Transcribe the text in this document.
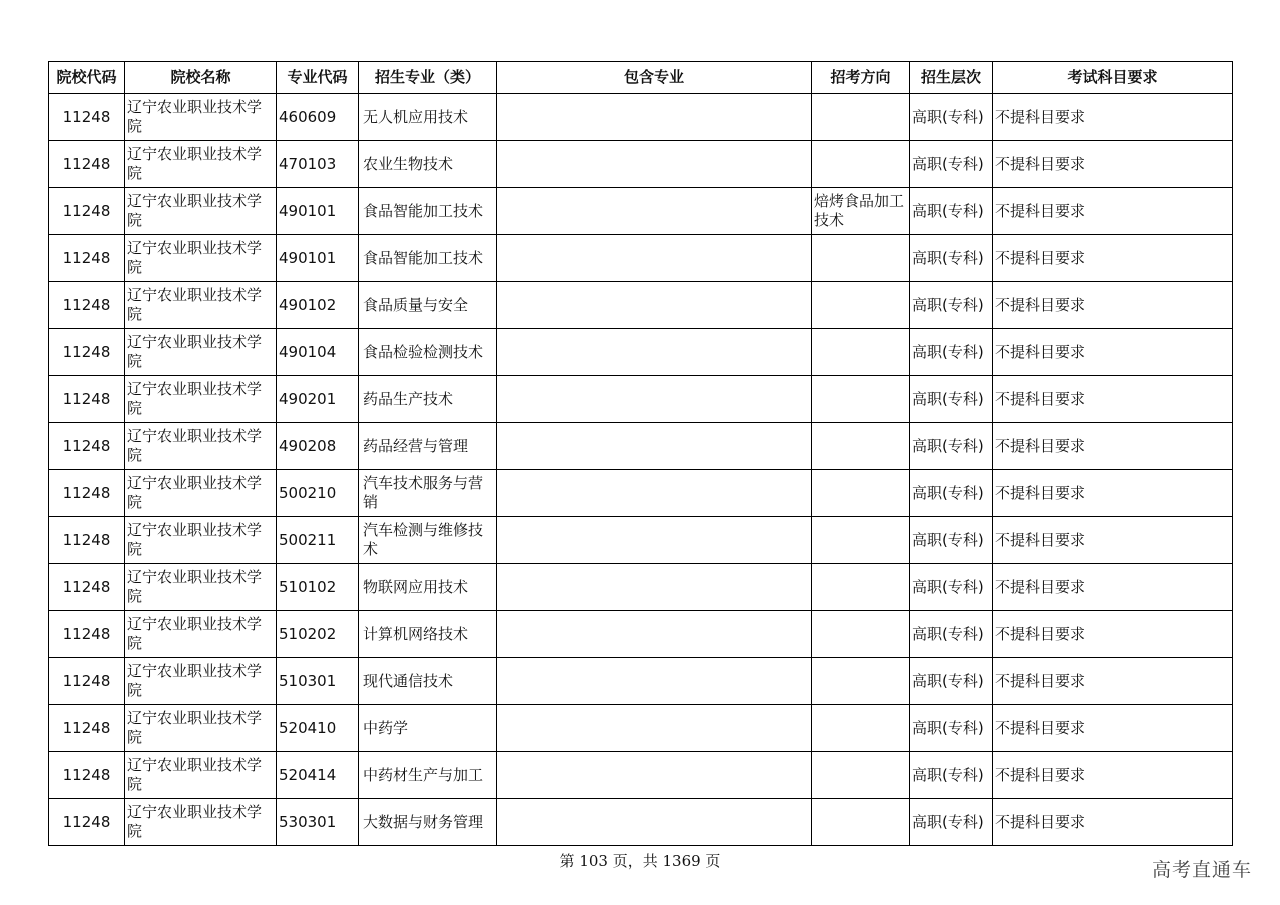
院校代码	院校名称	专业代码	招生专业（类）	包含专业	招考方向	招生层次	考试科目要求
11248	辽宁农业职业技术学院	460609	无人机应用技术			高职(专科)	不提科目要求
11248	辽宁农业职业技术学院	470103	农业生物技术			高职(专科)	不提科目要求
11248	辽宁农业职业技术学院	490101	食品智能加工技术		焙烤食品加工技术	高职(专科)	不提科目要求
11248	辽宁农业职业技术学院	490101	食品智能加工技术			高职(专科)	不提科目要求
11248	辽宁农业职业技术学院	490102	食品质量与安全			高职(专科)	不提科目要求
11248	辽宁农业职业技术学院	490104	食品检验检测技术			高职(专科)	不提科目要求
11248	辽宁农业职业技术学院	490201	药品生产技术			高职(专科)	不提科目要求
11248	辽宁农业职业技术学院	490208	药品经营与管理			高职(专科)	不提科目要求
11248	辽宁农业职业技术学院	500210	汽车技术服务与营销			高职(专科)	不提科目要求
11248	辽宁农业职业技术学院	500211	汽车检测与维修技术			高职(专科)	不提科目要求
11248	辽宁农业职业技术学院	510102	物联网应用技术			高职(专科)	不提科目要求
11248	辽宁农业职业技术学院	510202	计算机网络技术			高职(专科)	不提科目要求
11248	辽宁农业职业技术学院	510301	现代通信技术			高职(专科)	不提科目要求
11248	辽宁农业职业技术学院	520410	中药学			高职(专科)	不提科目要求
11248	辽宁农业职业技术学院	520414	中药材生产与加工			高职(专科)	不提科目要求
11248	辽宁农业职业技术学院	530301	大数据与财务管理			高职(专科)	不提科目要求
第 103 页，共 1369 页	高考直通车
